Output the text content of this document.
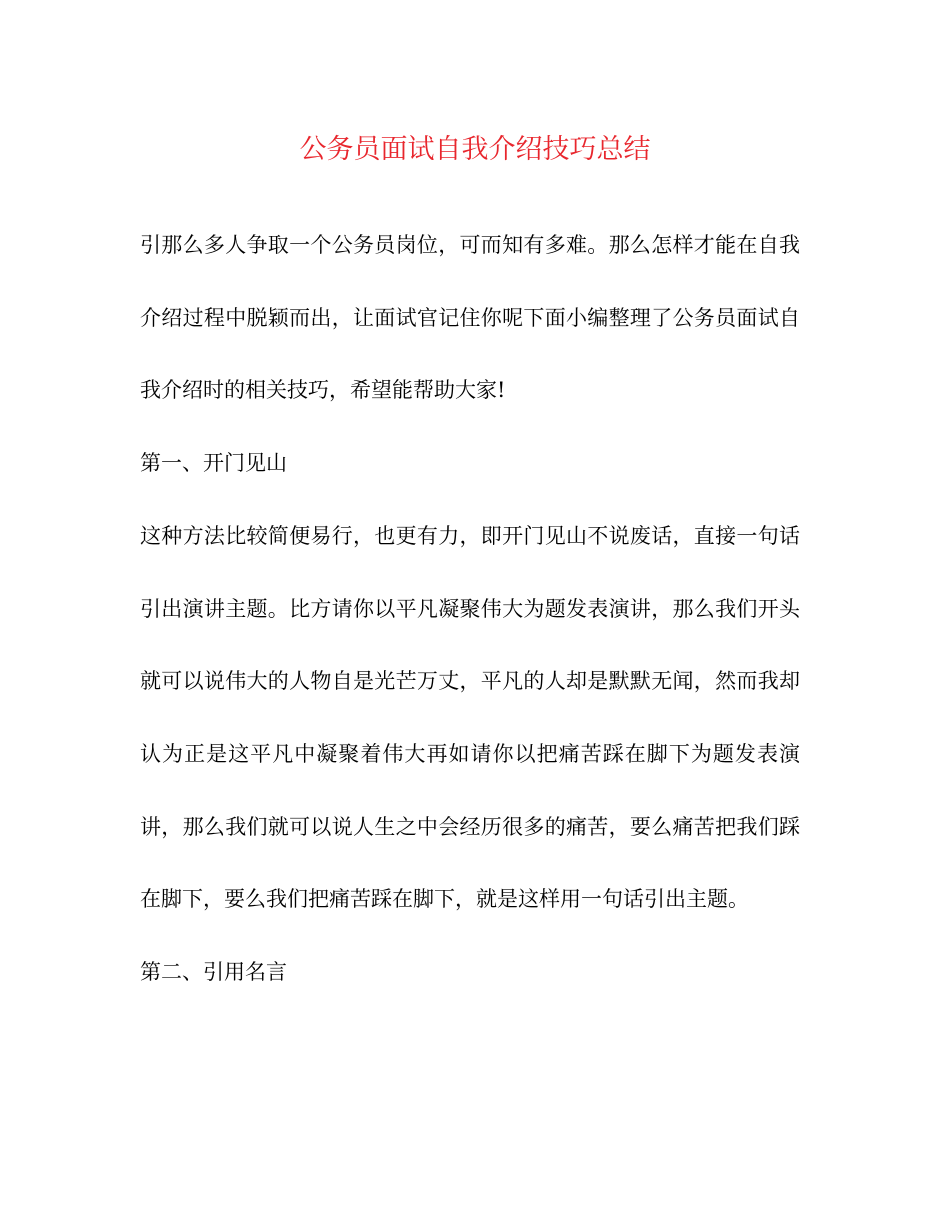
公务员面试自我介绍技巧总结

引那么多人争取一个公务员岗位，可而知有多难。那么怎样才能在自我介绍过程中脱颖而出，让面试官记住你呢下面小编整理了公务员面试自我介绍时的相关技巧，希望能帮助大家!

第一、开门见山

这种方法比较简便易行，也更有力，即开门见山不说废话，直接一句话引出演讲主题。比方请你以平凡凝聚伟大为题发表演讲，那么我们开头就可以说伟大的人物自是光芒万丈，平凡的人却是默默无闻，然而我却认为正是这平凡中凝聚着伟大再如请你以把痛苦踩在脚下为题发表演讲，那么我们就可以说人生之中会经历很多的痛苦，要么痛苦把我们踩在脚下，要么我们把痛苦踩在脚下，就是这样用一句话引出主题。

第二、引用名言
